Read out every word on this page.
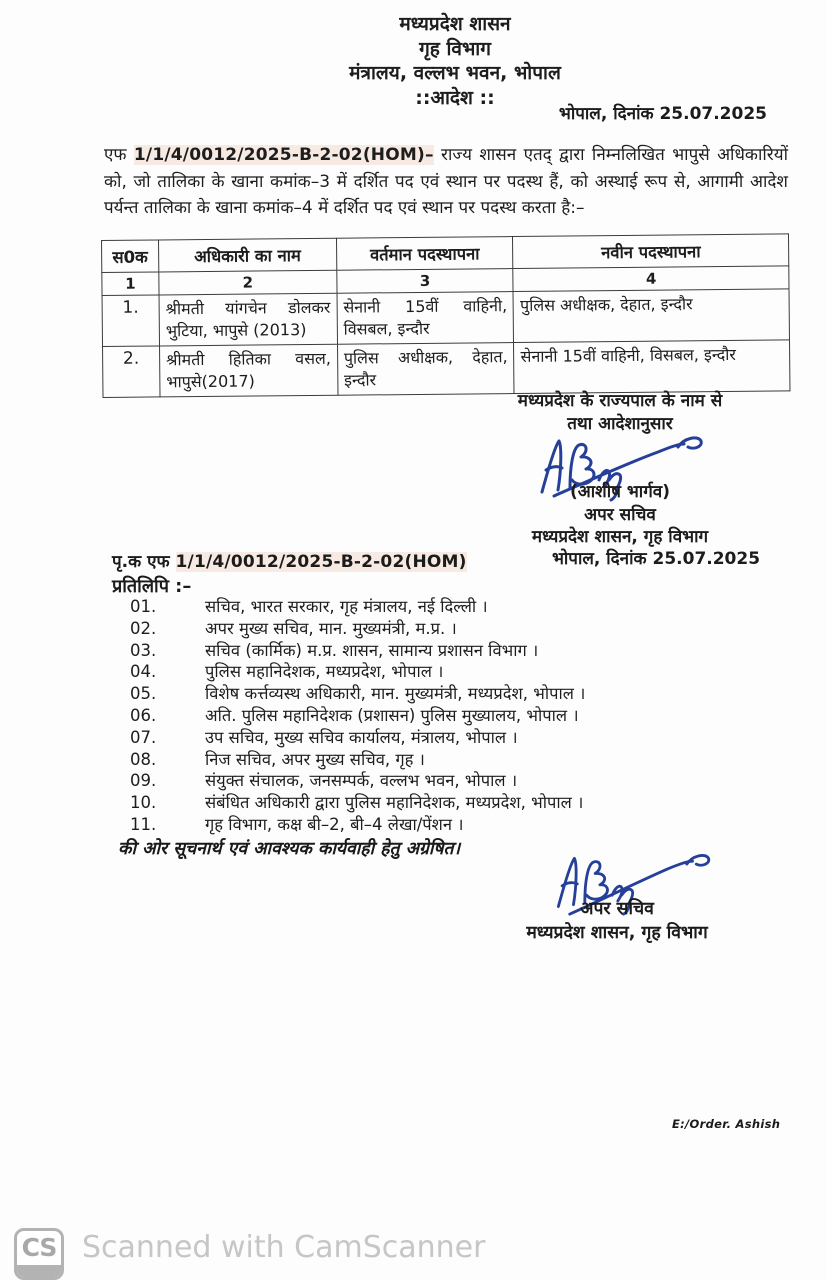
मध्यप्रदेश शासन
गृह विभाग
मंत्रालय, वल्लभ भवन, भोपाल
::आदेश ::
भोपाल, दिनांक 25.07.2025
एफ 1/1/4/0012/2025-B-2-02(HOM)– राज्य शासन एतद् द्वारा निम्नलिखित भापुसे अधिकारियों को, जो तालिका के खाना कमांक–3 में दर्शित पद एवं स्थान पर पदस्थ हैं, को अस्थाई रूप से, आगामी आदेश पर्यन्त तालिका के खाना कमांक–4 में दर्शित पद एवं स्थान पर पदस्थ करता है:–
स0क	अधिकारी का नाम	वर्तमान पदस्थापना	नवीन पदस्थापना
1	2	3	4
1.	श्रीमती यांगचेन डोलकर भुटिया, भापुसे (2013)	सेनानी 15वीं वाहिनी, विसबल, इन्दौर	पुलिस अधीक्षक, देहात, इन्दौर
2.	श्रीमती हितिका वसल, भापुसे(2017)	पुलिस अधीक्षक, देहात, इन्दौर	सेनानी 15वीं वाहिनी, विसबल, इन्दौर
मध्यप्रदेश के राज्यपाल के नाम से
तथा आदेशानुसार
(आशीष भार्गव)
अपर सचिव
मध्यप्रदेश शासन, गृह विभाग
भोपाल, दिनांक 25.07.2025
पृ.क एफ 1/1/4/0012/2025-B-2-02(HOM)
प्रतिलिपि :–
01.	सचिव, भारत सरकार, गृह मंत्रालय, नई दिल्ली ।
02.	अपर मुख्य सचिव, मान. मुख्यमंत्री, म.प्र. ।
03.	सचिव (कार्मिक) म.प्र. शासन, सामान्य प्रशासन विभाग ।
04.	पुलिस महानिदेशक, मध्यप्रदेश, भोपाल ।
05.	विशेष कर्त्तव्यस्थ अधिकारी, मान. मुख्यमंत्री, मध्यप्रदेश, भोपाल ।
06.	अति. पुलिस महानिदेशक (प्रशासन) पुलिस मुख्यालय, भोपाल ।
07.	उप सचिव, मुख्य सचिव कार्यालय, मंत्रालय, भोपाल ।
08.	निज सचिव, अपर मुख्य सचिव, गृह ।
09.	संयुक्त संचालक, जनसम्पर्क, वल्लभ भवन, भोपाल ।
10.	संबंधित अधिकारी द्वारा पुलिस महानिदेशक, मध्यप्रदेश, भोपाल ।
11.	गृह विभाग, कक्ष बी–2, बी–4 लेखा/पेंशन ।
की ओर सूचनार्थ एवं आवश्यक कार्यवाही हेतु अग्रेषित।
अपर सचिव
मध्यप्रदेश शासन, गृह विभाग
E:/Order. Ashish
CS Scanned with CamScanner
